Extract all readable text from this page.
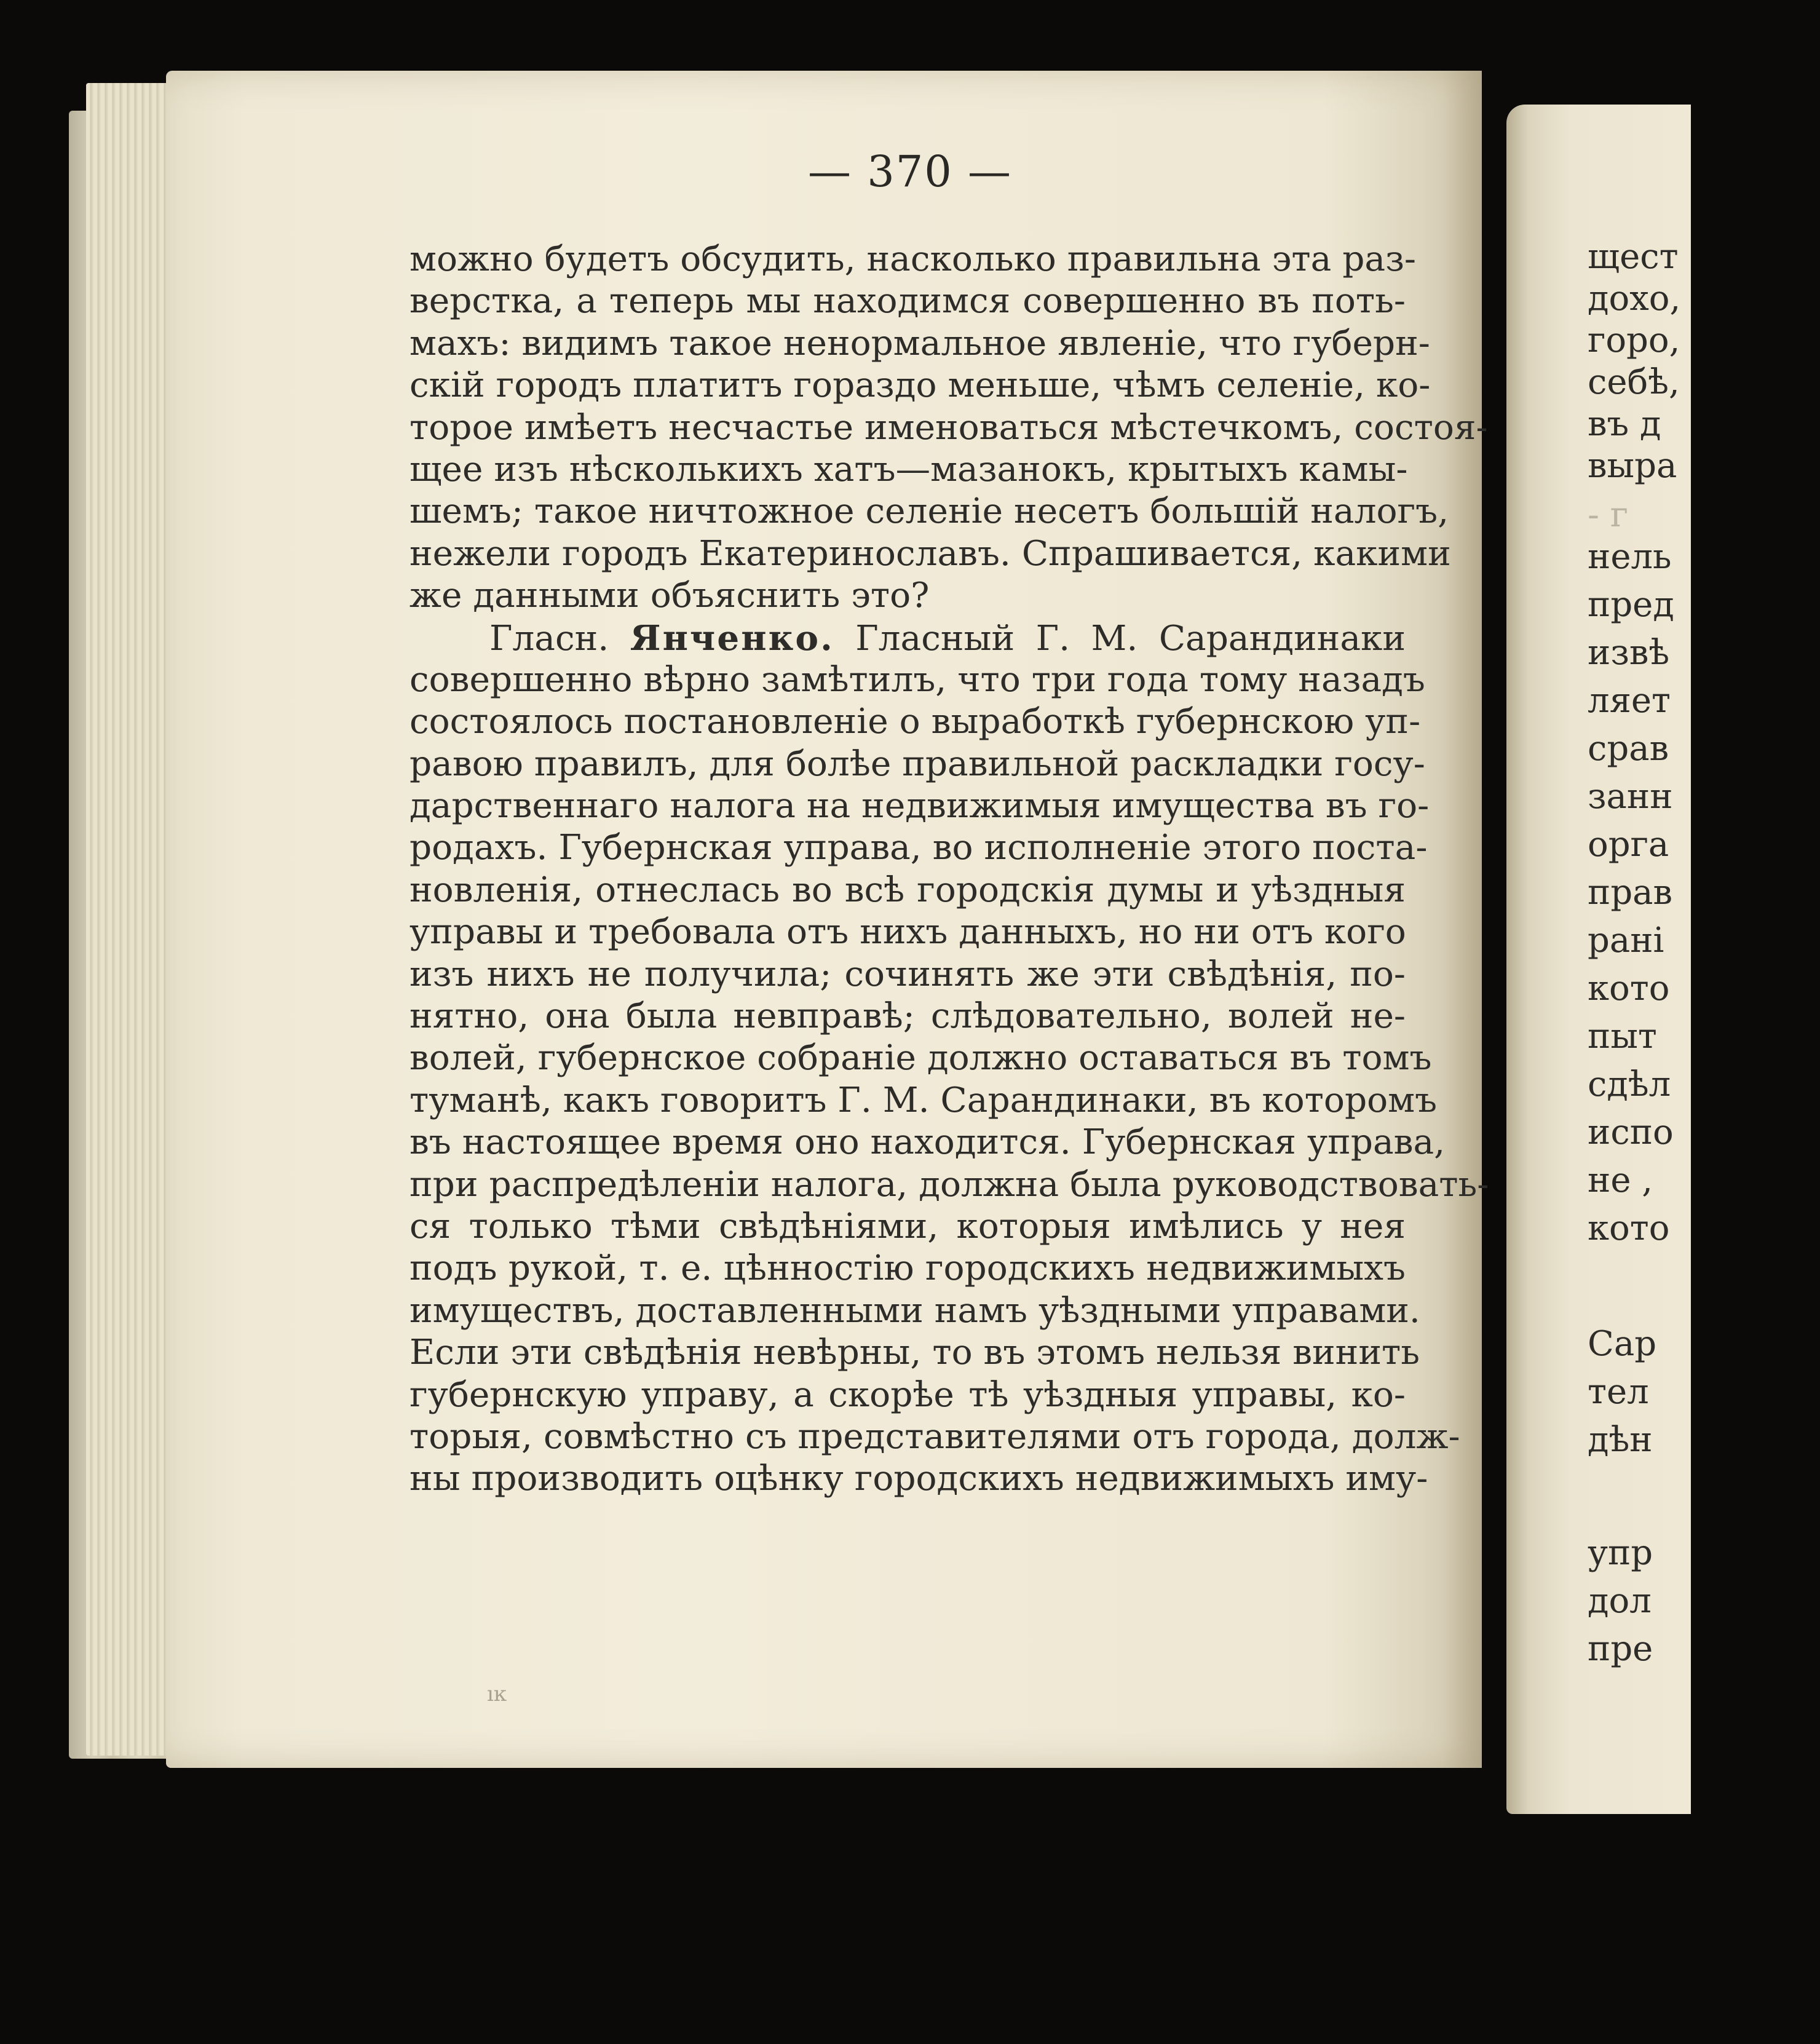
— 370 —
можно будетъ обсудить, насколько правильна эта раз-
верстка, а теперь мы находимся совершенно въ поть-
махъ: видимъ такое ненормальное явленіе, что губерн-
скій городъ платитъ гораздо меньше, чѣмъ селеніе, ко-
торое имѣетъ несчастье именоваться мѣстечкомъ, состоя-
щее изъ нѣсколькихъ хатъ—мазанокъ, крытыхъ камы-
шемъ; такое ничтожное селеніе несетъ большій налогъ,
нежели городъ Екатеринославъ. Спрашивается, какими
же данными объяснить это?
Гласн. Янченко. Гласный Г. М. Сарандинаки
совершенно вѣрно замѣтилъ, что три года тому назадъ
состоялось постановленіе о выработкѣ губернскою уп-
равою правилъ, для болѣе правильной раскладки госу-
дарственнаго налога на недвижимыя имущества въ го-
родахъ. Губернская управа, во исполненіе этого поста-
новленія, отнеслась во всѣ городскія думы и уѣздныя
управы и требовала отъ нихъ данныхъ, но ни отъ кого
изъ нихъ не получила; сочинять же эти свѣдѣнія, по-
нятно, она была невправѣ; слѣдовательно, волей не-
волей, губернское собраніе должно оставаться въ томъ
туманѣ, какъ говоритъ Г. М. Сарандинаки, въ которомъ
въ настоящее время оно находится. Губернская управа,
при распредѣленіи налога, должна была руководствовать-
ся только тѣми свѣдѣніями, которыя имѣлись у нея
подъ рукой, т. е. цѣнностію городскихъ недвижимыхъ
имуществъ, доставленными намъ уѣздными управами.
Если эти свѣдѣнія невѣрны, то въ этомъ нельзя винить
губернскую управу, а скорѣе тѣ уѣздныя управы, ко-
торыя, совмѣстно съ представителями отъ города, долж-
ны производить оцѣнку городскихъ недвижимыхъ иму-
ıĸ
щест
дохо,
горо,
себѣ,
въ д
выра
- г
нель
пред
извѣ
ляет
срав
занн
орга
прав
рані
кото
пыт
сдѣл
испо
не ,
кото
Сар
тел
дѣн
упр
дол
пре
